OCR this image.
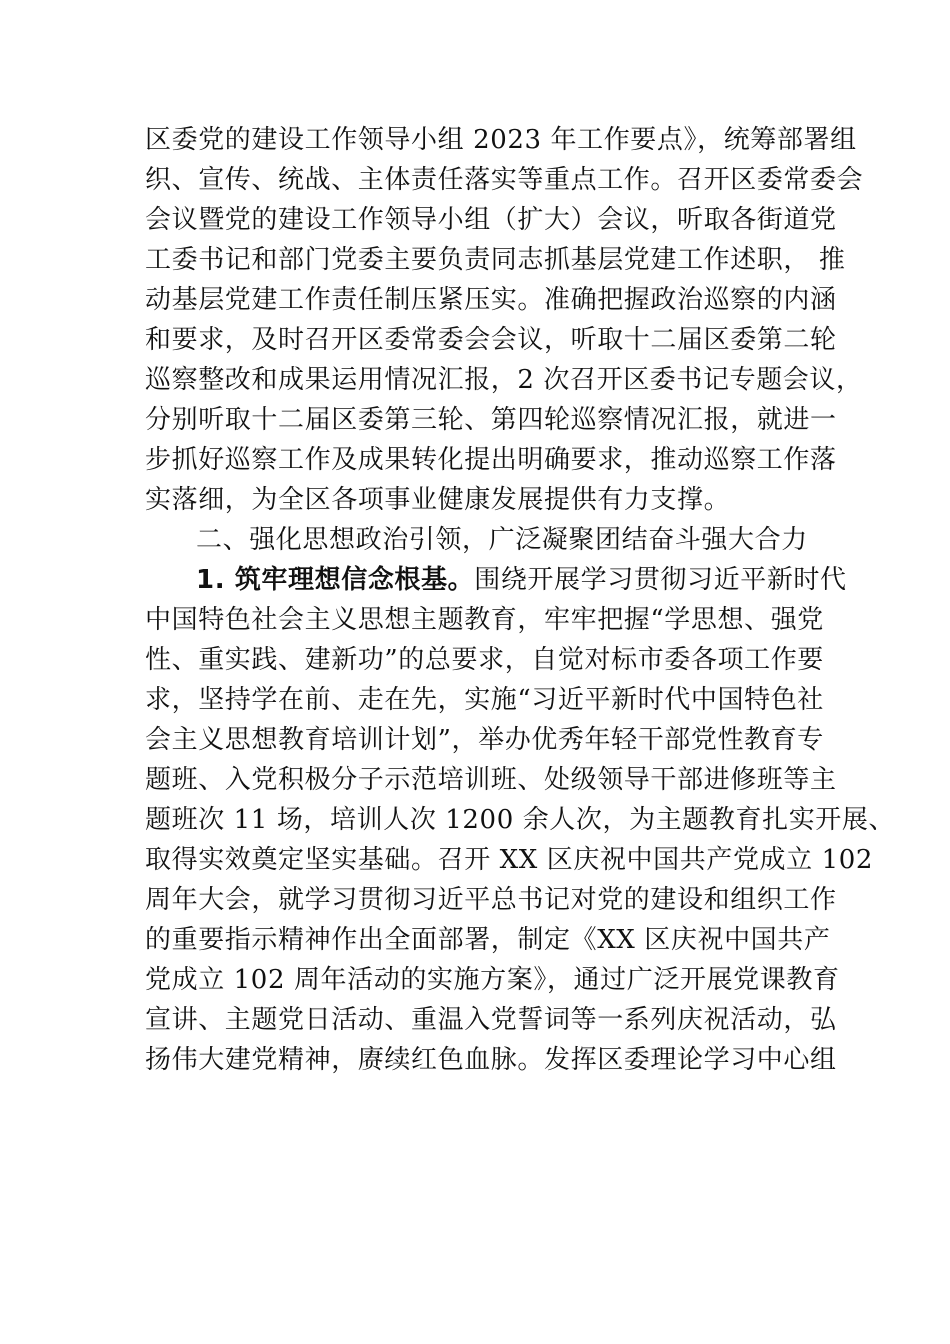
区委党的建设工作领导小组 2023 年工作要点》，统筹部署组
织、宣传、统战、主体责任落实等重点工作。召开区委常委会
会议暨党的建设工作领导小组（扩大）会议，听取各街道党
工委书记和部门党委主要负责同志抓基层党建工作述职， 推
动基层党建工作责任制压紧压实。准确把握政治巡察的内涵
和要求，及时召开区委常委会会议，听取十二届区委第二轮
巡察整改和成果运用情况汇报，2 次召开区委书记专题会议，
分别听取十二届区委第三轮、第四轮巡察情况汇报，就进一
步抓好巡察工作及成果转化提出明确要求，推动巡察工作落
实落细，为全区各项事业健康发展提供有力支撑。
二、强化思想政治引领，广泛凝聚团结奋斗强大合力
1. 筑牢理想信念根基。围绕开展学习贯彻习近平新时代
中国特色社会主义思想主题教育，牢牢把握“学思想、强党
性、重实践、建新功”的总要求，自觉对标市委各项工作要
求，坚持学在前、走在先，实施“习近平新时代中国特色社
会主义思想教育培训计划”，举办优秀年轻干部党性教育专
题班、入党积极分子示范培训班、处级领导干部进修班等主
题班次 11 场，培训人次 1200 余人次，为主题教育扎实开展、
取得实效奠定坚实基础。召开 XX 区庆祝中国共产党成立 102
周年大会，就学习贯彻习近平总书记对党的建设和组织工作
的重要指示精神作出全面部署，制定《XX 区庆祝中国共产
党成立 102 周年活动的实施方案》，通过广泛开展党课教育
宣讲、主题党日活动、重温入党誓词等一系列庆祝活动，弘
扬伟大建党精神，赓续红色血脉。发挥区委理论学习中心组
